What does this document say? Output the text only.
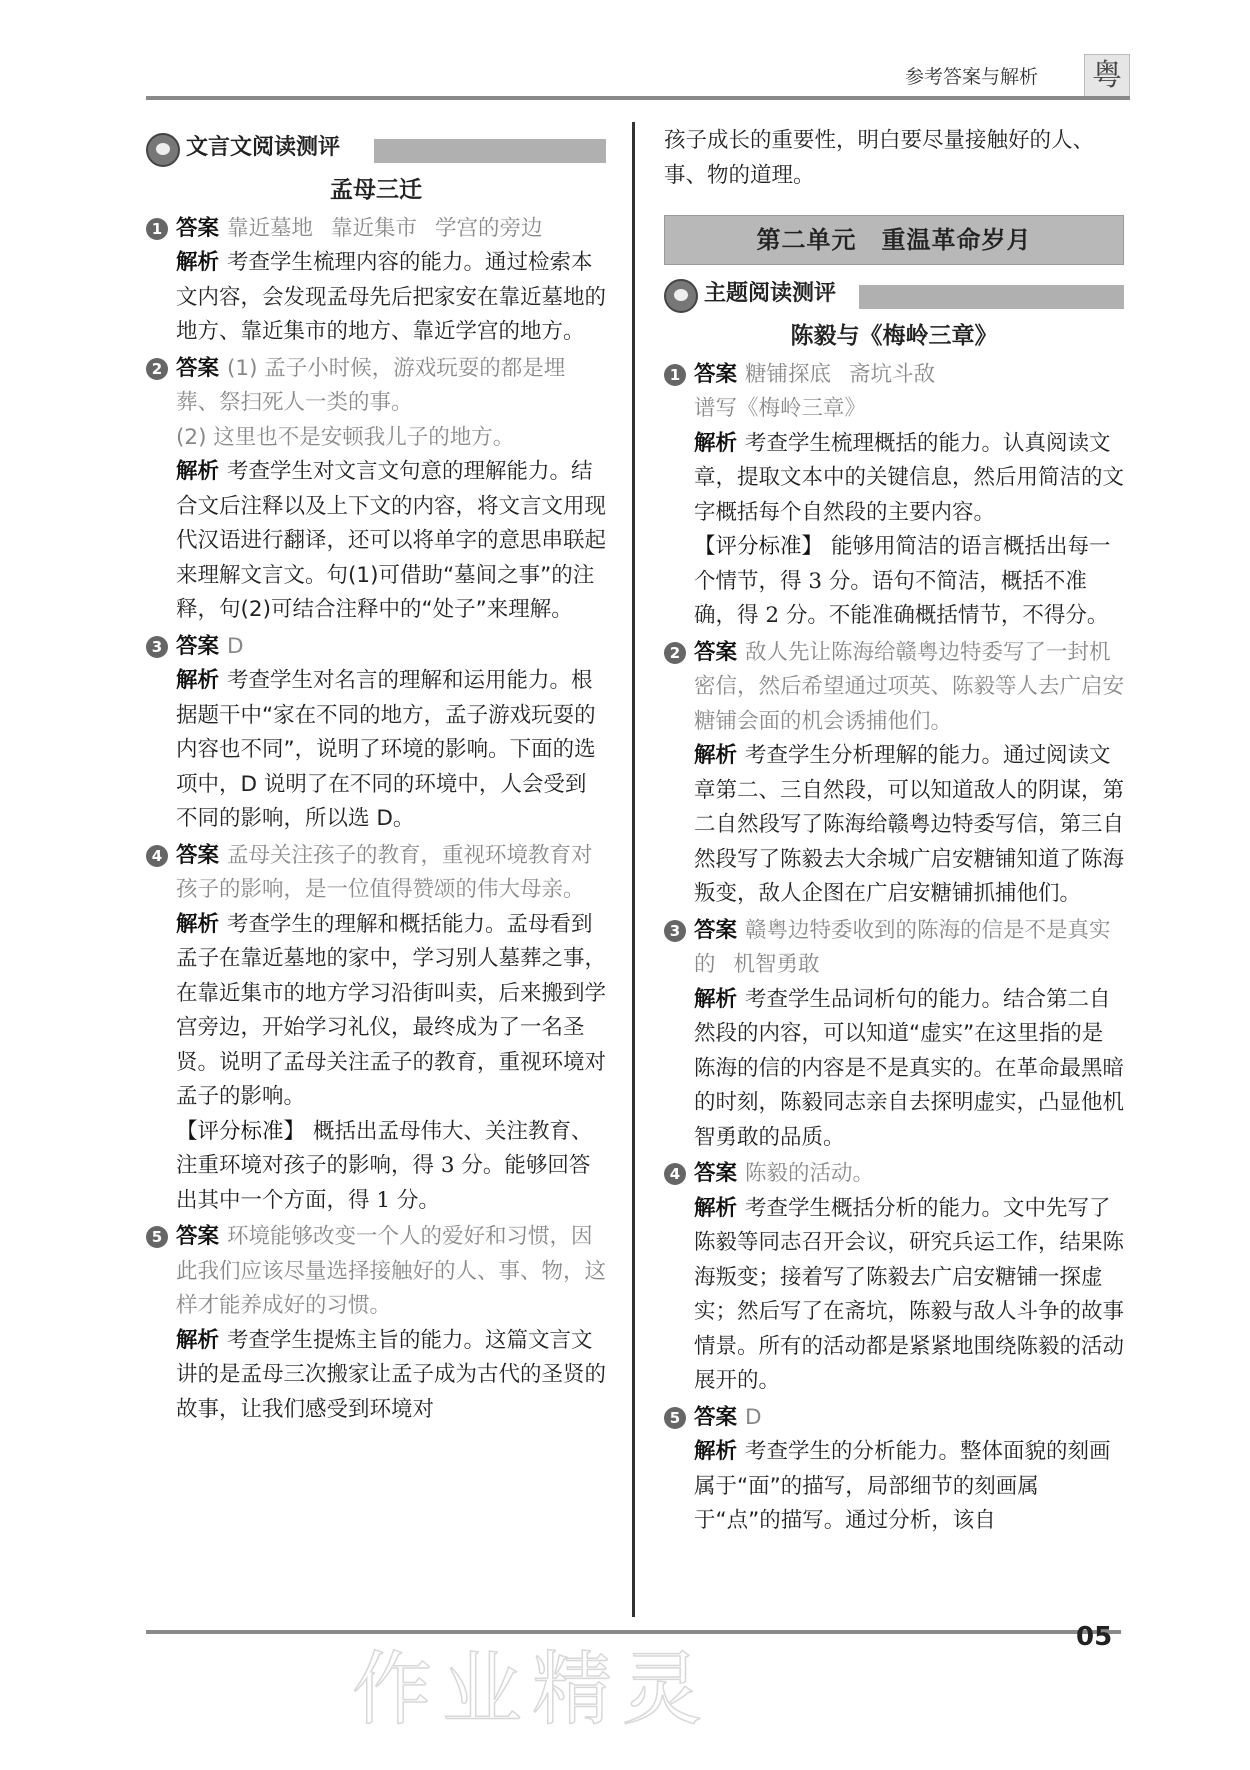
参考答案与解析 粤
文言文阅读测评
孟母三迁
1 答案 靠近墓地 靠近集市 学宫的旁边
解析 考查学生梳理内容的能力。通过检索本文内容，会发现孟母先后把家安在靠近墓地的地方、靠近集市的地方、靠近学宫的地方。
2 答案 (1) 孟子小时候，游戏玩耍的都是埋葬、祭扫死人一类的事。
(2) 这里也不是安顿我儿子的地方。
解析 考查学生对文言文句意的理解能力。结合文后注释以及上下文的内容，将文言文用现代汉语进行翻译，还可以将单字的意思串联起来理解文言文。句(1)可借助“墓间之事”的注释，句(2)可结合注释中的“处子”来理解。
3 答案 D
解析 考查学生对名言的理解和运用能力。根据题干中“家在不同的地方，孟子游戏玩耍的内容也不同”，说明了环境的影响。下面的选项中，D 说明了在不同的环境中，人会受到不同的影响，所以选 D。
4 答案 孟母关注孩子的教育，重视环境教育对孩子的影响，是一位值得赞颂的伟大母亲。
解析 考查学生的理解和概括能力。孟母看到孟子在靠近墓地的家中，学习别人墓葬之事，在靠近集市的地方学习沿街叫卖，后来搬到学宫旁边，开始学习礼仪，最终成为了一名圣贤。说明了孟母关注孟子的教育，重视环境对孟子的影响。
【评分标准】 概括出孟母伟大、关注教育、注重环境对孩子的影响，得 3 分。能够回答出其中一个方面，得 1 分。
5 答案 环境能够改变一个人的爱好和习惯，因此我们应该尽量选择接触好的人、事、物，这样才能养成好的习惯。
解析 考查学生提炼主旨的能力。这篇文言文讲的是孟母三次搬家让孟子成为古代的圣贤的故事，让我们感受到环境对
孩子成长的重要性，明白要尽量接触好的人、事、物的道理。
第二单元　重温革命岁月
主题阅读测评
陈毅与《梅岭三章》
1 答案 糖铺探底 斋坑斗敌谱写《梅岭三章》
解析 考查学生梳理概括的能力。认真阅读文章，提取文本中的关键信息，然后用简洁的文字概括每个自然段的主要内容。
【评分标准】 能够用简洁的语言概括出每一个情节，得 3 分。语句不简洁，概括不准确，得 2 分。不能准确概括情节，不得分。
2 答案 敌人先让陈海给赣粤边特委写了一封机密信，然后希望通过项英、陈毅等人去广启安糖铺会面的机会诱捕他们。
解析 考查学生分析理解的能力。通过阅读文章第二、三自然段，可以知道敌人的阴谋，第二自然段写了陈海给赣粤边特委写信，第三自然段写了陈毅去大余城广启安糖铺知道了陈海叛变，敌人企图在广启安糖铺抓捕他们。
3 答案 赣粤边特委收到的陈海的信是不是真实的 机智勇敢
解析 考查学生品词析句的能力。结合第二自然段的内容，可以知道“虚实”在这里指的是陈海的信的内容是不是真实的。在革命最黑暗的时刻，陈毅同志亲自去探明虚实，凸显他机智勇敢的品质。
4 答案 陈毅的活动。
解析 考查学生概括分析的能力。文中先写了陈毅等同志召开会议，研究兵运工作，结果陈海叛变；接着写了陈毅去广启安糖铺一探虚实；然后写了在斋坑，陈毅与敌人斗争的故事情景。所有的活动都是紧紧地围绕陈毅的活动展开的。
5 答案 D
解析 考查学生的分析能力。整体面貌的刻画属于“面”的描写，局部细节的刻画属于“点”的描写。通过分析，该自
作业精灵
05
